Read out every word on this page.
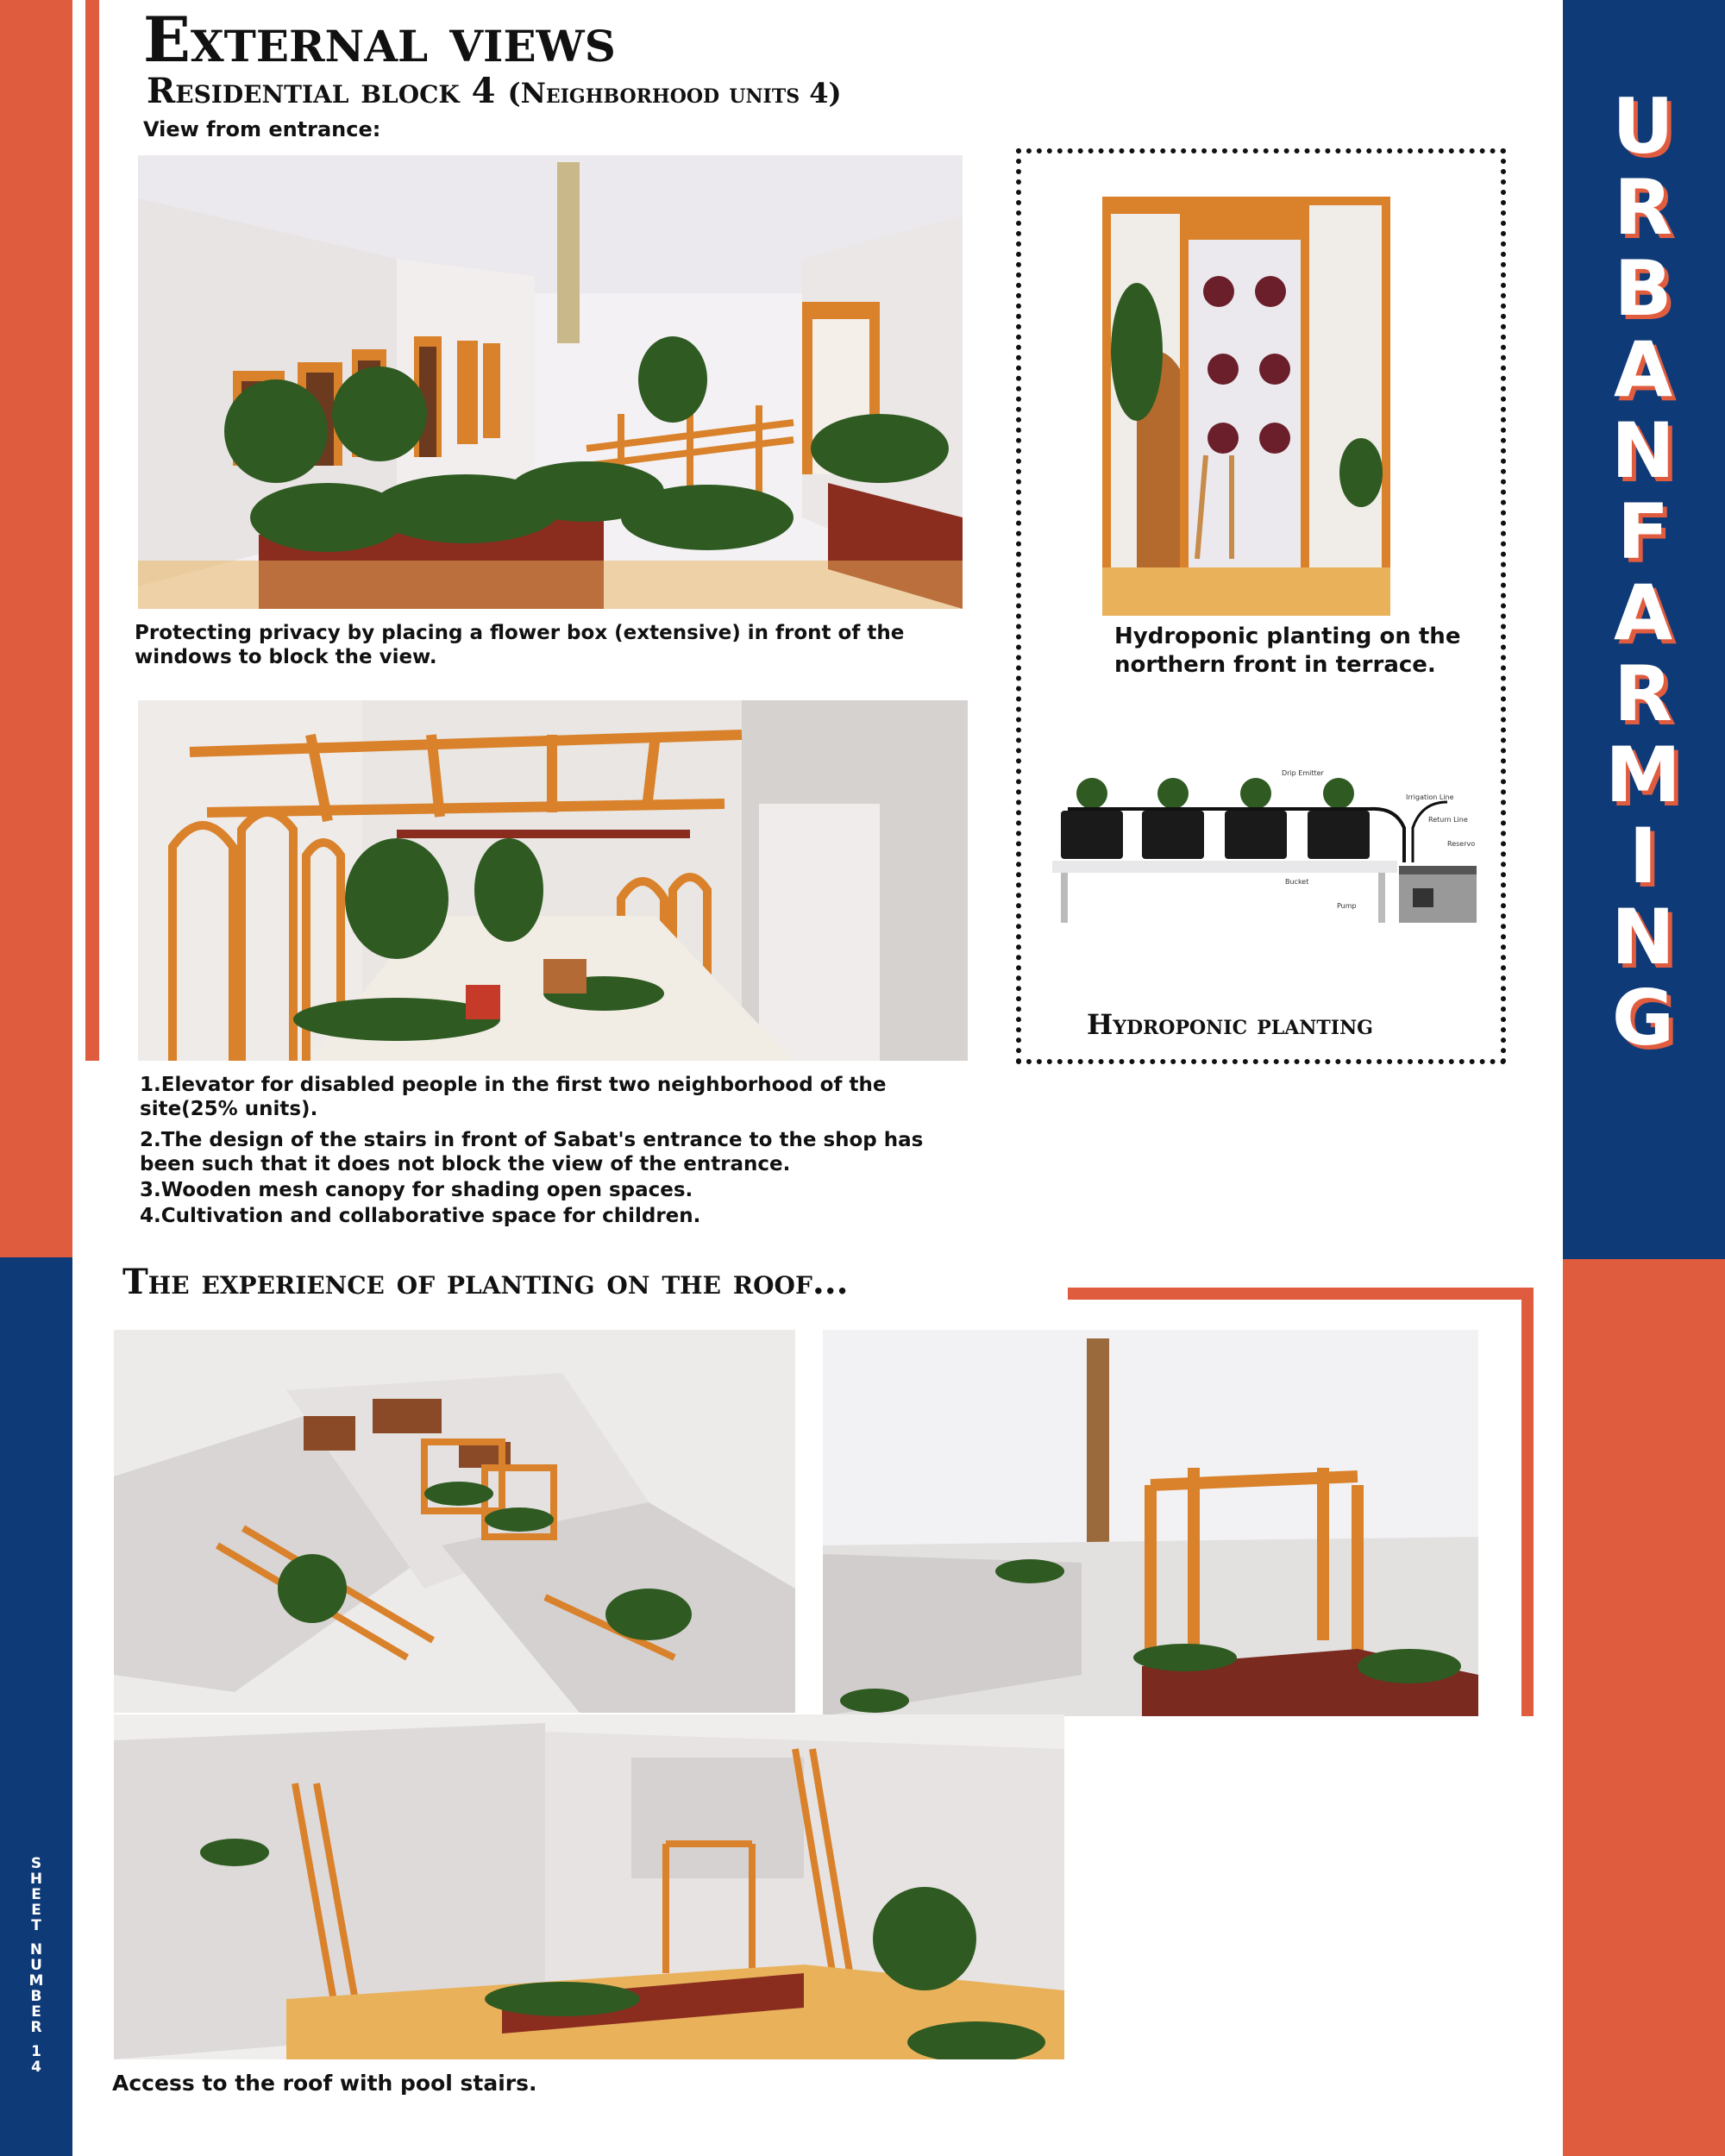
U
R
B
A
N
F
A
R
M
I
N
G
S
H
E
E
T
N
U
M
B
E
R
1
4
External views
Residential block 4 (Neighborhood units 4)
View from entrance:
Protecting privacy by placing a flower box (extensive) in front of the windows to block the view.
1.Elevator for disabled people in the first two neighborhood of the site(25% units).
2.The design of the stairs in front of Sabat's entrance to the shop has been such that it does not block the view of the entrance.
3.Wooden mesh canopy for shading open spaces.
4.Cultivation and collaborative space for children.
Hydroponic planting on the northern front in terrace.
Drip Emitter
Irrigation Line
Return Line
Reservo
Bucket
Pump
Hydroponic planting
The experience of planting on the roof...
Access to the roof with pool stairs.
